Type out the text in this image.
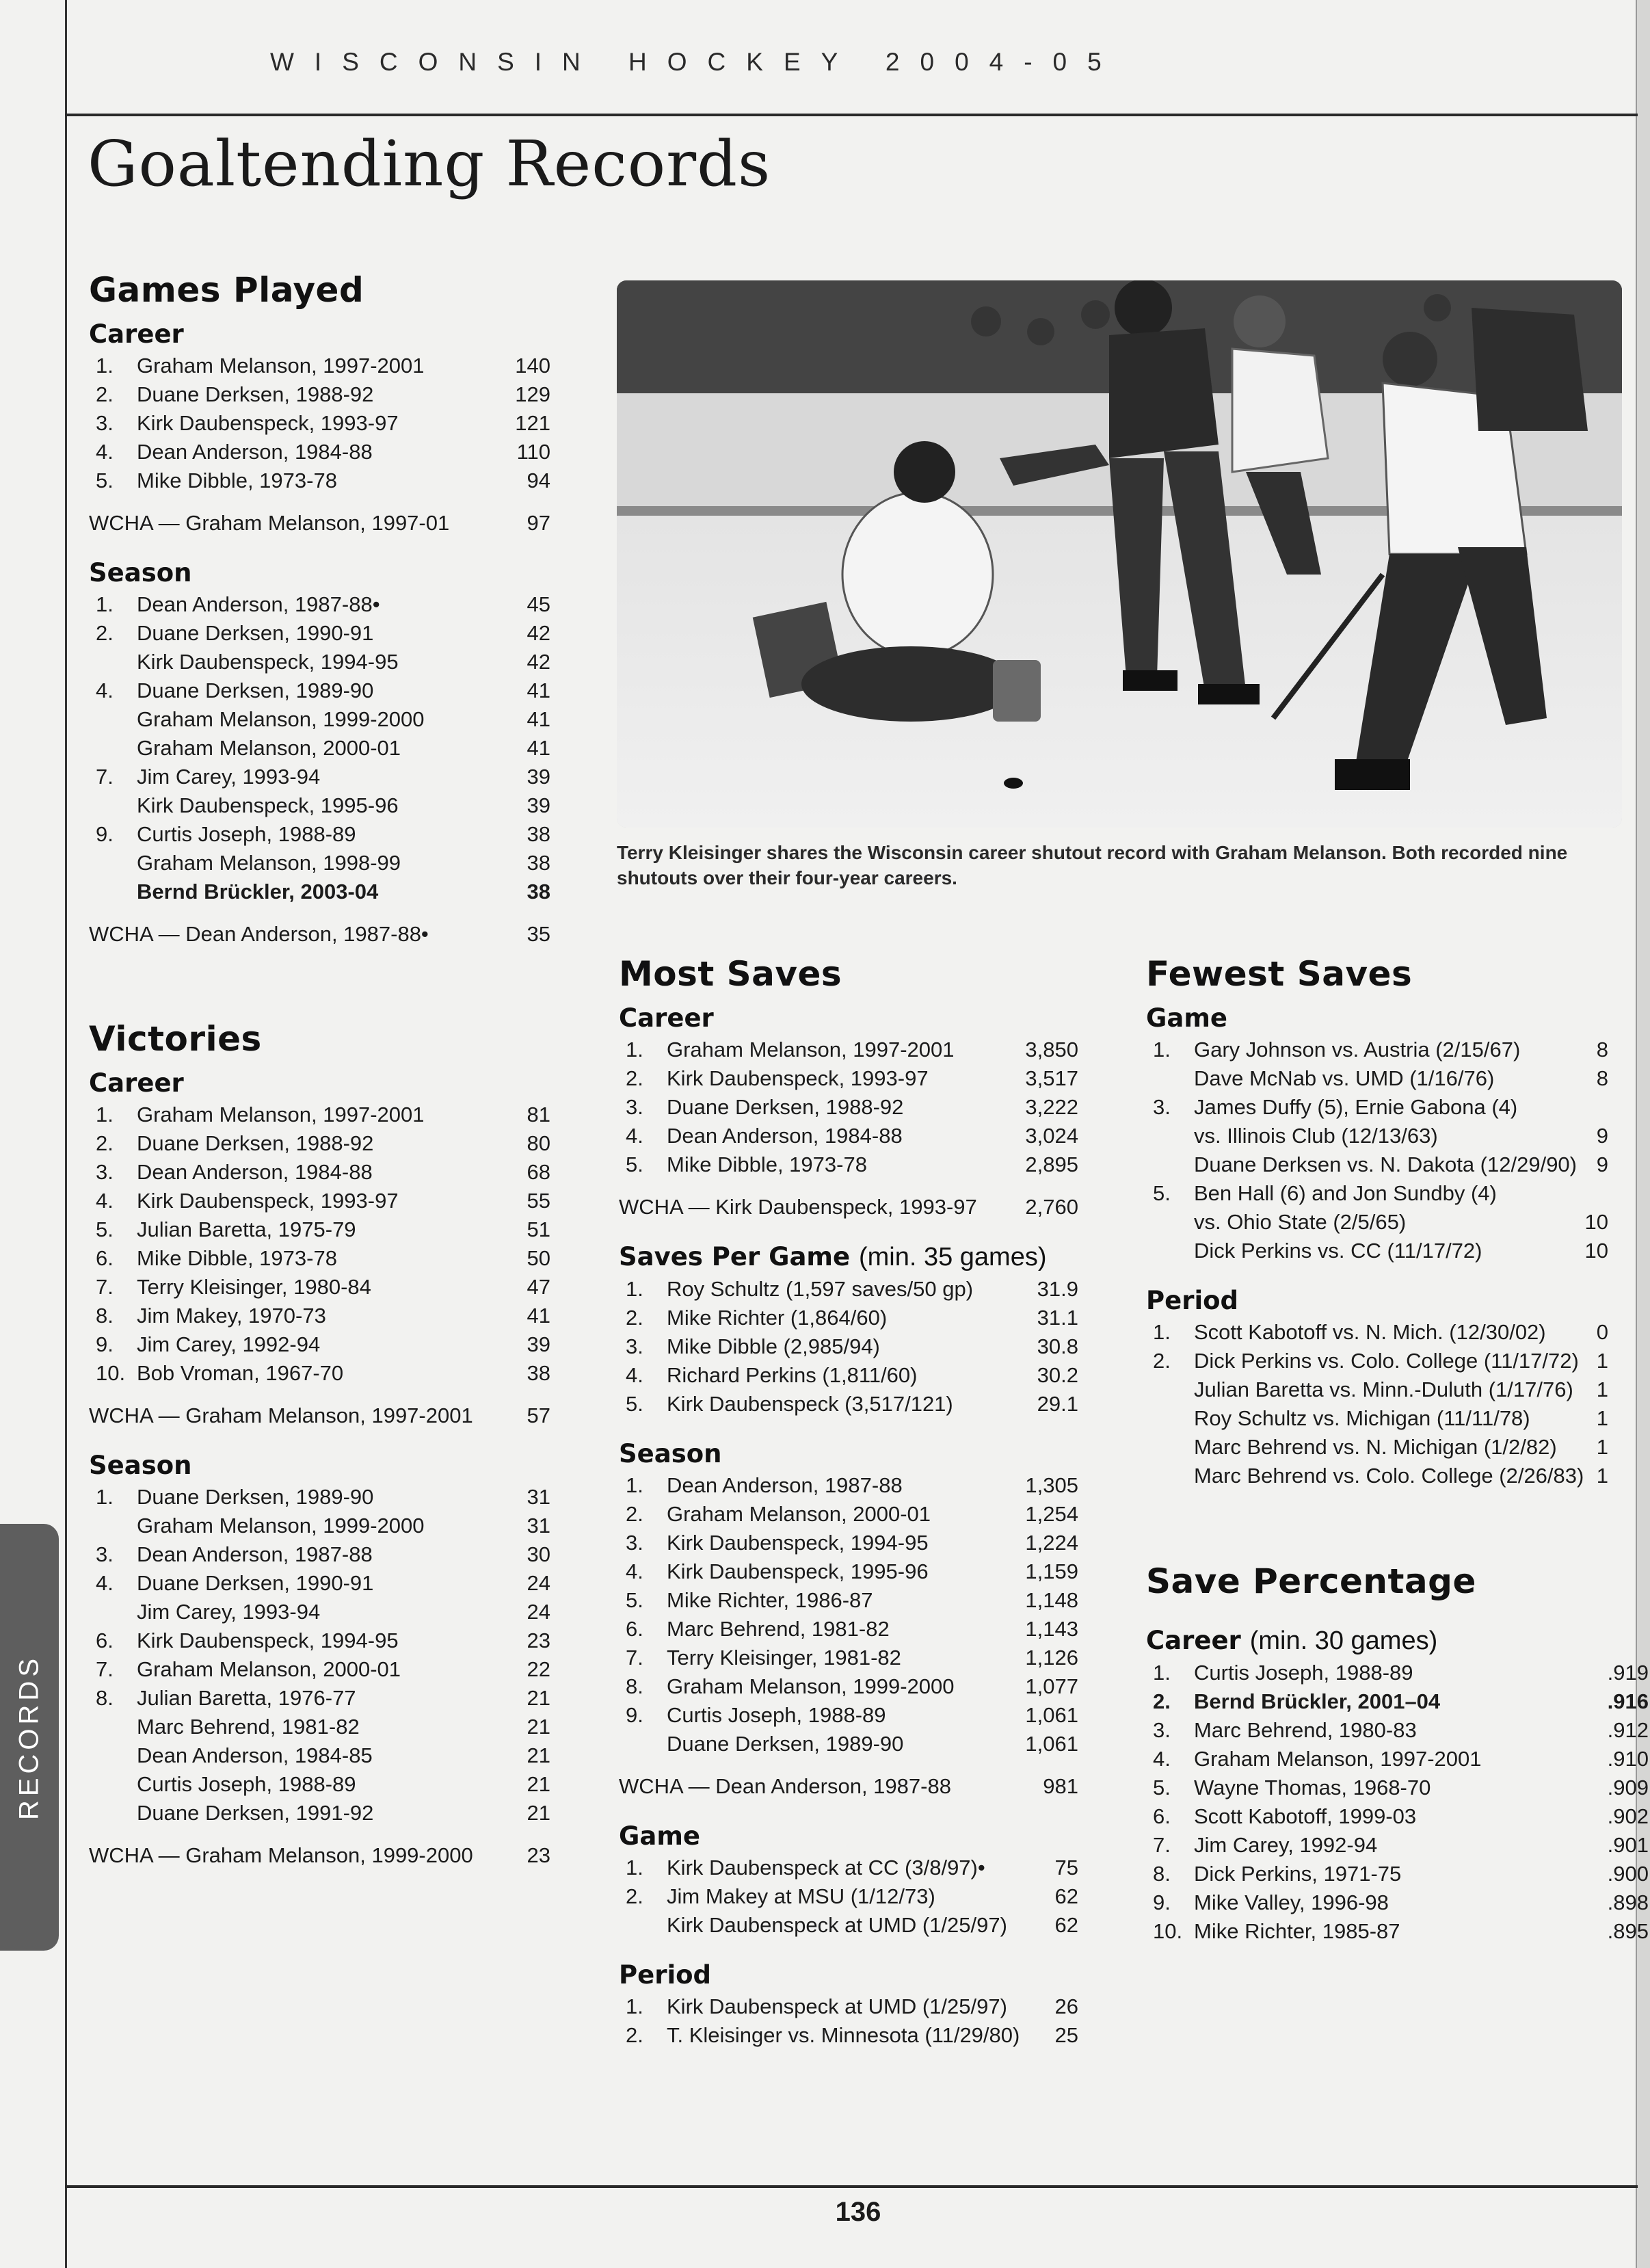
WISCONSIN HOCKEY 2004-05
Goaltending Records
RECORDS
Terry Kleisinger shares the Wisconsin career shutout record with Graham Melanson. Both recorded nine shutouts over their four-year careers.
Games Played
Career
1. Graham Melanson, 1997-2001	140
2. Duane Derksen, 1988-92	129
3. Kirk Daubenspeck, 1993-97	121
4. Dean Anderson, 1984-88	110
5. Mike Dibble, 1973-78	94
WCHA — Graham Melanson, 1997-01	97
Season
1. Dean Anderson, 1987-88•	45
2. Duane Derksen, 1990-91	42
Kirk Daubenspeck, 1994-95	42
4. Duane Derksen, 1989-90	41
Graham Melanson, 1999-2000	41
Graham Melanson, 2000-01	41
7. Jim Carey, 1993-94	39
Kirk Daubenspeck, 1995-96	39
9. Curtis Joseph, 1988-89	38
Graham Melanson, 1998-99	38
Bernd Brückler, 2003-04	38
WCHA — Dean Anderson, 1987-88•	35
Victories
Career
1. Graham Melanson, 1997-2001	81
2. Duane Derksen, 1988-92	80
3. Dean Anderson, 1984-88	68
4. Kirk Daubenspeck, 1993-97	55
5. Julian Baretta, 1975-79	51
6. Mike Dibble, 1973-78	50
7. Terry Kleisinger, 1980-84	47
8. Jim Makey, 1970-73	41
9. Jim Carey, 1992-94	39
10. Bob Vroman, 1967-70	38
WCHA — Graham Melanson, 1997-2001	57
Season
1. Duane Derksen, 1989-90	31
Graham Melanson, 1999-2000	31
3. Dean Anderson, 1987-88	30
4. Duane Derksen, 1990-91	24
Jim Carey, 1993-94	24
6. Kirk Daubenspeck, 1994-95	23
7. Graham Melanson, 2000-01	22
8. Julian Baretta, 1976-77	21
Marc Behrend, 1981-82	21
Dean Anderson, 1984-85	21
Curtis Joseph, 1988-89	21
Duane Derksen, 1991-92	21
WCHA — Graham Melanson, 1999-2000	23
Most Saves
Career
1. Graham Melanson, 1997-2001	3,850
2. Kirk Daubenspeck, 1993-97	3,517
3. Duane Derksen, 1988-92	3,222
4. Dean Anderson, 1984-88	3,024
5. Mike Dibble, 1973-78	2,895
WCHA — Kirk Daubenspeck, 1993-97 2,760
Saves Per Game (min. 35 games)
1. Roy Schultz (1,597 saves/50 gp)	31.9
2. Mike Richter (1,864/60)	31.1
3. Mike Dibble (2,985/94)	30.8
4. Richard Perkins (1,811/60)	30.2
5. Kirk Daubenspeck (3,517/121)	29.1
Season
1. Dean Anderson, 1987-88	1,305
2. Graham Melanson, 2000-01	1,254
3. Kirk Daubenspeck, 1994-95	1,224
4. Kirk Daubenspeck, 1995-96	1,159
5. Mike Richter, 1986-87	1,148
6. Marc Behrend, 1981-82	1,143
7. Terry Kleisinger, 1981-82	1,126
8. Graham Melanson, 1999-2000	1,077
9. Curtis Joseph, 1988-89	1,061
Duane Derksen, 1989-90	1,061
WCHA — Dean Anderson, 1987-88	981
Game
1. Kirk Daubenspeck at CC (3/8/97)•	75
2. Jim Makey at MSU (1/12/73)	62
Kirk Daubenspeck at UMD (1/25/97) 62
Period
1. Kirk Daubenspeck at UMD (1/25/97) 26
2. T. Kleisinger vs. Minnesota (11/29/80) 25
Fewest Saves
Game
1. Gary Johnson vs. Austria (2/15/67)	8
Dave McNab vs. UMD (1/16/76)	8
3. James Duffy (5), Ernie Gabona (4)
vs. Illinois Club (12/13/63)	9
Duane Derksen vs. N. Dakota (12/29/90) 9
5. Ben Hall (6) and Jon Sundby (4)
vs. Ohio State (2/5/65)	10
Dick Perkins vs. CC (11/17/72)	10
Period
1. Scott Kabotoff vs. N. Mich. (12/30/02) 0
2. Dick Perkins vs. Colo. College (11/17/72) 1
Julian Baretta vs. Minn.-Duluth (1/17/76) 1
Roy Schultz vs. Michigan (11/11/78)	1
Marc Behrend vs. N. Michigan (1/2/82) 1
Marc Behrend vs. Colo. College (2/26/83) 1
Save Percentage
Career (min. 30 games)
1. Curtis Joseph, 1988-89	.919
2. Bernd Brückler, 2001–04	.916
3. Marc Behrend, 1980-83	.912
4. Graham Melanson, 1997-2001	.910
5. Wayne Thomas, 1968-70	.909
6. Scott Kabotoff, 1999-03	.902
7. Jim Carey, 1992-94	.901
8. Dick Perkins, 1971-75	.900
9. Mike Valley, 1996-98	.898
10. Mike Richter, 1985-87	.895
136
